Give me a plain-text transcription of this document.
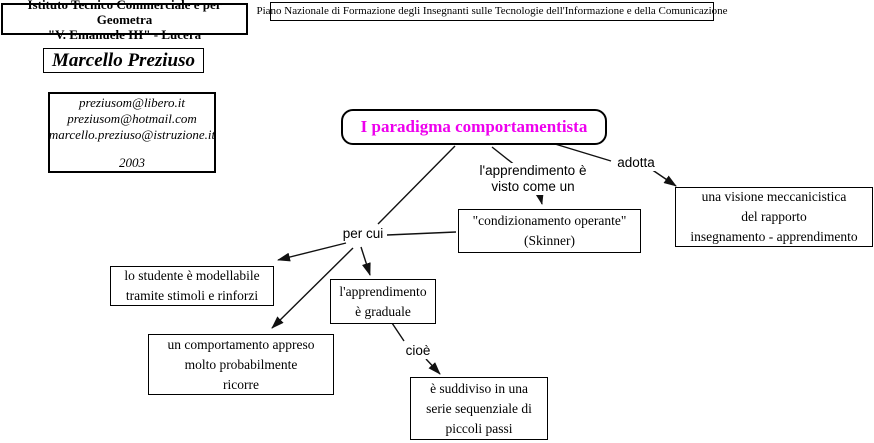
Istituto Tecnico Commerciale e per Geometra
"V. Emanuele III" - Lucera
Piano Nazionale di Formazione degli Insegnanti sulle Tecnologie dell'Informazione e della Comunicazione
Marcello Preziuso
preziusom@libero.it
preziusom@hotmail.com
marcello.preziuso@istruzione.it
2003
I paradigma comportamentista
l'apprendimento è visto come un
adotta
per cui
cioè
"condizionamento operante"
(Skinner)
una visione meccanicistica
del rapporto
insegnamento - apprendimento
lo studente è modellabile
tramite stimoli e rinforzi
un comportamento appreso
molto probabilmente
ricorre
l'apprendimento
è graduale
è suddiviso in una
serie sequenziale di
piccoli passi
